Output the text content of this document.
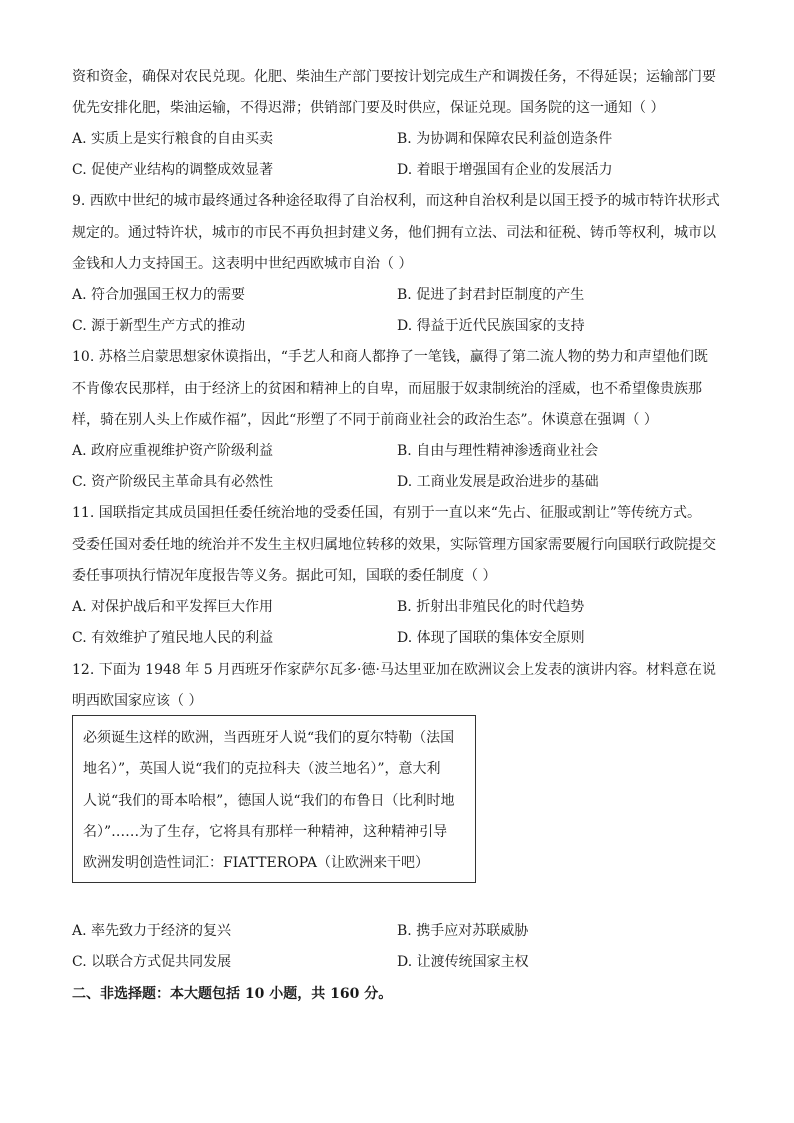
资和资金，确保对农民兑现。化肥、柴油生产部门要按计划完成生产和调拨任务，不得延误；运输部门要
优先安排化肥，柴油运输，不得迟滞；供销部门要及时供应，保证兑现。国务院的这一通知（ ）
A. 实质上是实行粮食的自由买卖	B. 为协调和保障农民利益创造条件
C. 促使产业结构的调整成效显著	D. 着眼于增强国有企业的发展活力
9. 西欧中世纪的城市最终通过各种途径取得了自治权利，而这种自治权利是以国王授予的城市特许状形式
规定的。通过特许状，城市的市民不再负担封建义务，他们拥有立法、司法和征税、铸币等权利，城市以
金钱和人力支持国王。这表明中世纪西欧城市自治（ ）
A. 符合加强国王权力的需要	B. 促进了封君封臣制度的产生
C. 源于新型生产方式的推动	D. 得益于近代民族国家的支持
10. 苏格兰启蒙思想家休谟指出，“手艺人和商人都挣了一笔钱，赢得了第二流人物的势力和声望他们既
不肯像农民那样，由于经济上的贫困和精神上的自卑，而屈服于奴隶制统治的淫威，也不希望像贵族那
样，骑在别人头上作威作福”，因此“形塑了不同于前商业社会的政治生态”。休谟意在强调（ ）
A. 政府应重视维护资产阶级利益	B. 自由与理性精神渗透商业社会
C. 资产阶级民主革命具有必然性	D. 工商业发展是政治进步的基础
11. 国联指定其成员国担任委任统治地的受委任国，有别于一直以来“先占、征服或割让”等传统方式。
受委任国对委任地的统治并不发生主权归属地位转移的效果，实际管理方国家需要履行向国联行政院提交
委任事项执行情况年度报告等义务。据此可知，国联的委任制度（ ）
A. 对保护战后和平发挥巨大作用	B. 折射出非殖民化的时代趋势
C. 有效维护了殖民地人民的利益	D. 体现了国联的集体安全原则
12. 下面为 1948 年 5 月西班牙作家萨尔瓦多·德·马达里亚加在欧洲议会上发表的演讲内容。材料意在说
明西欧国家应该（ ）
必须诞生这样的欧洲，当西班牙人说“我们的夏尔特勒（法国
地名）”，英国人说“我们的克拉科夫（波兰地名）”，意大利
人说“我们的哥本哈根”，德国人说“我们的布鲁日（比利时地
名）”……为了生存，它将具有那样一种精神，这种精神引导
欧洲发明创造性词汇：FIATTEROPA（让欧洲来干吧）
A. 率先致力于经济的复兴	B. 携手应对苏联威胁
C. 以联合方式促共同发展	D. 让渡传统国家主权
二、非选择题：本大题包括 10 小题，共 160 分。
